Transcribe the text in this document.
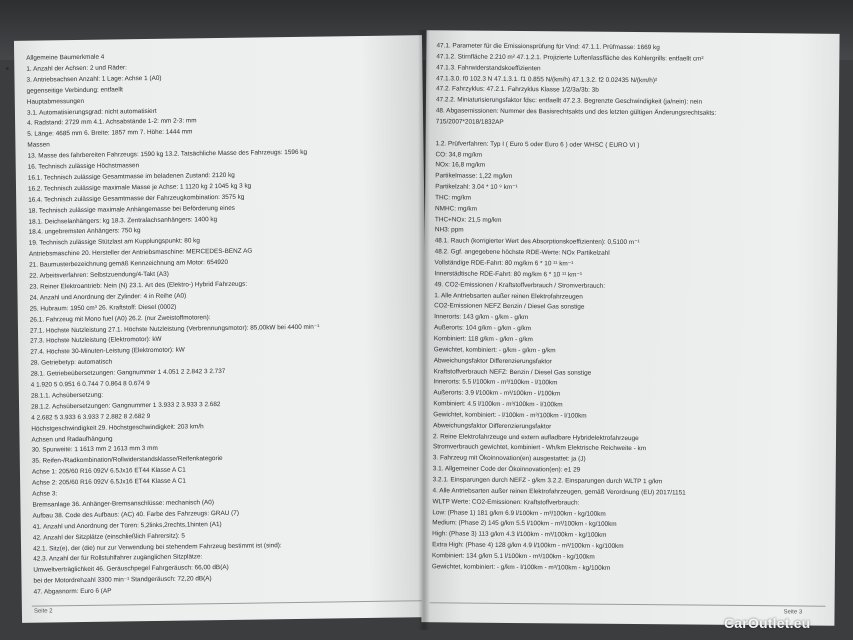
Allgemeine Baumerkmale 4
1. Anzahl der Achsen: 2 und Räder:
3. Antriebsachsen Anzahl: 1 Lage: Achse 1 (A0)
gegenseitige Verbindung: entfaellt
Hauptabmessungen
3.1. Automatisierungsgrad: nicht automatisiert
4. Radstand: 2729 mm 4.1. Achsabstände 1-2: mm 2-3: mm
5. Länge: 4685 mm 6. Breite: 1857 mm 7. Höhe: 1444 mm
Massen
13. Masse des fahrbereiten Fahrzeugs: 1590 kg 13.2. Tatsächliche Masse des Fahrzeugs: 1596 kg
16. Technisch zulässige Höchstmassen
16.1. Technisch zulässige Gesamtmasse im beladenen Zustand: 2120 kg
16.2. Technisch zulässige maximale Masse je Achse: 1 1120 kg 2 1045 kg 3 kg
16.4. Technisch zulässige Gesamtmasse der Fahrzeugkombination: 3575 kg
18. Technisch zulässige maximale Anhängemasse bei Beförderung eines
18.1. Deichselanhängers: kg 18.3. Zentralachsanhängers: 1400 kg
18.4. ungebremsten Anhängers: 750 kg
19. Technisch zulässige Stützlast am Kupplungspunkt: 80 kg
Antriebsmaschine 20. Hersteller der Antriebsmaschine: MERCEDES-BENZ AG
21. Baumusterbezeichnung gemäß Kennzeichnung am Motor: 654920
22. Arbeitsverfahren: Selbstzuendung/4-Takt (A3)
23. Reiner Elektroantrieb: Nein (N) 23.1. Art des (Elektro-) Hybrid Fahrzeugs:
24. Anzahl und Anordnung der Zylinder: 4 in Reihe (A0)
25. Hubraum: 1950 cm³ 26. Kraftstoff: Diesel (0002)
26.1. Fahrzeug mit Mono fuel (A0) 26.2. (nur Zweistoffmotoren):
27.1. Höchste Nutzleistung 27.1. Höchste Nutzleistung (Verbrennungsmotor): 85,00kW bei 4400 min⁻¹
27.3. Höchste Nutzleistung (Elektromotor): kW
27.4. Höchste 30-Minuten-Leistung (Elektromotor): kW
28. Getriebetyp: automatisch
28.1. Getriebeübersetzungen: Gangnummer 1 4.051 2 2.842 3 2.737
4 1.920 5 0.951 6 0.744 7 0.864 8 0.674 9
28.1.1. Achsübersetzung:
28.1.2. Achsübersetzungen: Gangnummer 1 3.933 2 3.933 3 2.682
4 2.682 5 3.933 6 3.933 7 2.882 8 2.682 9
Höchstgeschwindigkeit 29. Höchstgeschwindigkeit: 203 km/h
Achsen und Radaufhängung
30. Spurweite: 1 1613 mm 2 1613 mm 3 mm
35. Reifen-/Radkombination/Rollwiderstandsklasse/Reifenkategorie
Achse 1: 205/60 R16 092V 6.5Jx16 ET44 Klasse A C1
Achse 2: 205/60 R16 092V 6.5Jx16 ET44 Klasse A C1
Achse 3:
Bremsanlage 36. Anhänger-Bremsanschlüsse: mechanisch (A0)
Aufbau 38. Code des Aufbaus: (AC) 40. Farbe des Fahrzeugs: GRAU (7)
41. Anzahl und Anordnung der Türen: 5,2links,2rechts,1hinten (A1)
42. Anzahl der Sitzplätze (einschließlich Fahrersitz): 5
42.1. Sitz(e), der (die) nur zur Verwendung bei stehendem Fahrzeug bestimmt ist (sind):
42.3. Anzahl der für Rollstuhlfahrer zugänglichen Sitzplätze:
Umweltverträglichkeit 46. Geräuschpegel Fahrgeräusch: 66,00 dB(A)
bei der Motordrehzahl 3300 min⁻¹ Standgeräusch: 72,20 dB(A)
47. Abgasnorm: Euro 6 (AP
Seite 2
47.1. Parameter für die Emissionsprüfung für Vind: 47.1.1. Prüfmasse: 1669 kg
47.1.2. Stirnfläche 2.210 m² 47.1.2.1. Projizierte Luftenlassfläche des Kohlergrills: entfaellt cm²
47.1.3. Fahrwiderstandskoeffizienten
47.1.3.0. f0 102.3 N 47.1.3.1. f1 0.855 N/(km/h) 47.1.3.2. f2 0.02435 N/(km/h)²
47.2. Fahrzyklus: 47.2.1. Fahrzyklus Klasse 1/2/3a/3b: 3b
47.2.2. Miniaturisierungsfaktor fdsc: entfaellt 47.2.3. Begrenzte Geschwindigkeit (ja/nein): nein
48. Abgasemissionen: Nummer des Basisrechtsakts und des letzten gültigen Änderungsrechtsakts:
715/2007*2018/1832AP
1.2. Prüfverfahren: Typ I ( Euro 5 oder Euro 6 ) oder WHSC ( EURO VI )
CO: 34,8 mg/km
NOx: 16,8 mg/km
Partikelmasse: 1,22 mg/km
Partikelzahl: 3.04 * 10 ⁹ km⁻¹
THC: mg/km
NMHC: mg/km
THC+NOx: 21,5 mg/km
NH3: ppm
48.1. Rauch (korrigierter Wert des Absorptionskoeffizienten): 0,5100 m⁻¹
48.2. Ggf. angegebene höchste RDE-Werte: NOx Partikelzahl
Vollständige RDE-Fahrt: 80 mg/km 6 * 10 ¹¹ km⁻¹
Innerstädtische RDE-Fahrt: 80 mg/km 6 * 10 ¹¹ km⁻¹
49. CO2-Emissionen / Kraftstoffverbrauch / Stromverbrauch:
1. Alle Antriebsarten außer reinen Elektrofahrzeugen
CO2-Emissionen NEFZ Benzin / Diesel Gas sonstige
Innerorts: 143 g/km - g/km - g/km
Außerorts: 104 g/km - g/km - g/km
Kombiniert: 118 g/km - g/km - g/km
Gewichtet, kombiniert: - g/km - g/km - g/km
Abweichungsfaktor Differenzierungsfaktor
Kraftstoffverbrauch NEFZ: Benzin / Diesel Gas sonstige
Innerorts: 5.5 l/100km - m³/100km - l/100km
Außerorts: 3.9 l/100km - m³/100km - l/100km
Kombiniert: 4.5 l/100km - m³/100km - l/100km
Gewichtet, kombiniert: - l/100km - m³/100km - l/100km
Abweichungsfaktor Differenzierungsfaktor
2. Reine Elektrofahrzeuge und extern aufladbare Hybridelektrofahrzeuge
Stromverbrauch gewichtet, kombiniert - Wh/km Elektrische Reichweite - km
3. Fahrzeug mit Ökoinnovation(en) ausgestattet: ja (J)
3.1. Allgemeiner Code der Ökoinnovation(en): e1 29
3.2.1. Einsparungen durch NEFZ - g/km 3.2.2. Einsparungen durch WLTP 1 g/km
4. Alle Antriebsarten außer reinen Elektrofahrzeugen, gemäß Verordnung (EU) 2017/1151
WLTP Werte: CO2-Emissionen: Kraftstoffverbrauch:
Low: (Phase 1) 181 g/km 6.9 l/100km - m³/100km - kg/100km
Medium: (Phase 2) 145 g/km 5.5 l/100km - m³/100km - kg/100km
High: (Phase 3) 113 g/km 4.3 l/100km - m³/100km - kg/100km
Extra High: (Phase 4) 128 g/km 4.9 l/100km - m³/100km - kg/100km
Kombiniert: 134 g/km 5.1 l/100km - m³/100km - kg/100km
Gewichtet, kombiniert: - g/km - l/100km - m³/100km - kg/100km
Seite 3
▪
CarOutlet.eu
